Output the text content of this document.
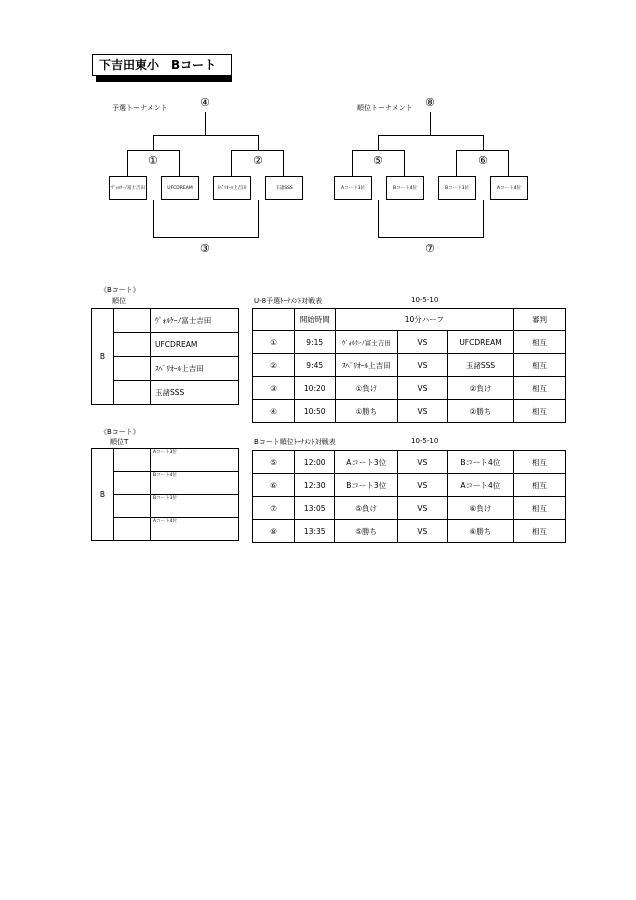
下吉田東小　Bコート
予選トーナメント	④
①	②
ｳﾞｫﾙｹｰﾉ富士吉田	UFCDREAM	ｽﾍﾟﾘｵｰﾙ上吉田	玉諸SSS
③
順位トーナメント ⑧
⑤	⑥
Aコート3位	Bコート4位	Bコート3位	Aコート4位
⑦
《Bコート》
順位	U-8予選ﾄｰﾅﾒﾝﾄ対戦表	10-5-10
B		ｳﾞｫﾙｹｰﾉ富士吉田
		UFCDREAM
		ｽﾍﾟﾘｵｰﾙ上吉田
		玉諸SSS
	開始時間	10分ハーフ			審判
①	9:15	ｳﾞｫﾙｹｰﾉ富士吉田	VS	UFCDREAM	相互
②	9:45	ｽﾍﾟﾘｵｰﾙ上吉田	VS	玉諸SSS	相互
③	10:20	①負け	VS	②負け	相互
④	10:50	①勝ち	VS	②勝ち	相互
《Bコート》
順位T	Bコート順位ﾄｰﾅﾒﾝﾄ対戦表	10-5-10
B		Aコート3位
		Bコート4位
		Bコート3位
		Aコート4位
⑤	12:00	Aコート3位	VS	Bコート4位	相互
⑥	12:30	Bコート3位	VS	Aコート4位	相互
⑦	13:05	⑤負け	VS	⑥負け	相互
⑧	13:35	⑤勝ち	VS	⑥勝ち	相互
